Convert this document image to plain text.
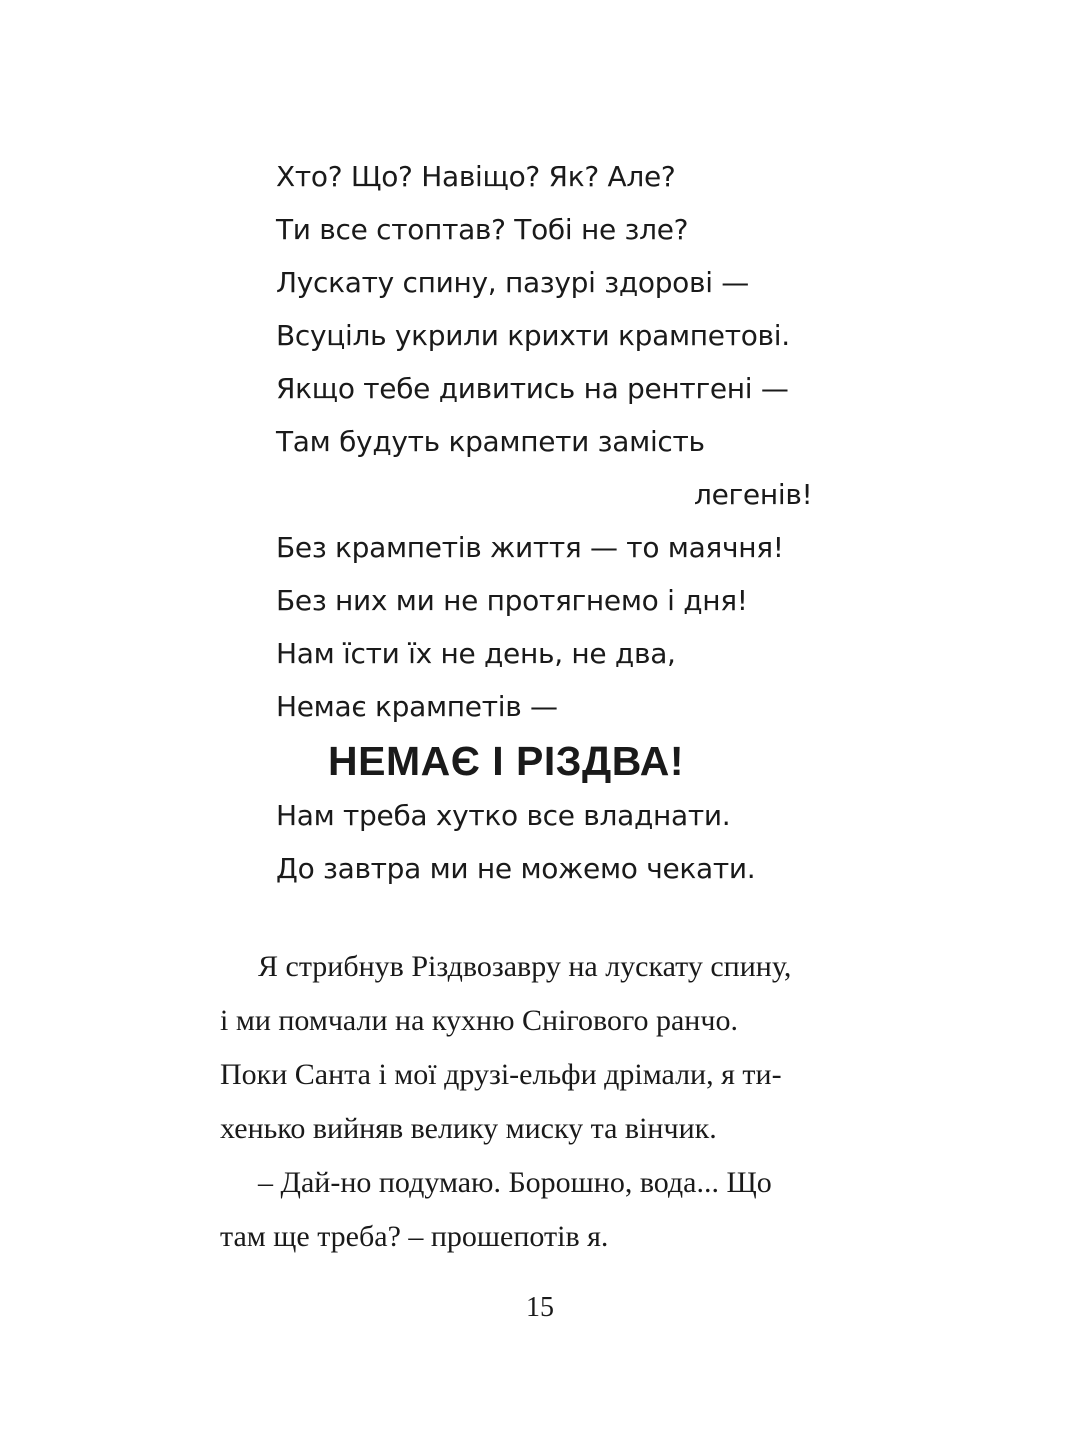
Хто? Що? Навіщо? Як? Але?
Ти все стоптав? Тобі не зле?
Лускату спину, пазурі здорові —
Всуціль укрили крихти крампетові.
Якщо тебе дивитись на рентгені —
Там будуть крампети замість
легенів!
Без крампетів життя — то маячня!
Без них ми не протягнемо і дня!
Нам їсти їх не день, не два,
Немає крампетів —
НЕМАЄ І РІЗДВА!
Нам треба хутко все владнати.
До завтра ми не можемо чекати.
Я стрибнув Різдвозавру на лускату спину,
і ми помчали на кухню Снігового ранчо.
Поки Санта і мої друзі-ельфи дрімали, я ти-
хенько вийняв велику миску та вінчик.
– Дай-но подумаю. Борошно, вода... Що
там ще треба? – прошепотів я.
15
